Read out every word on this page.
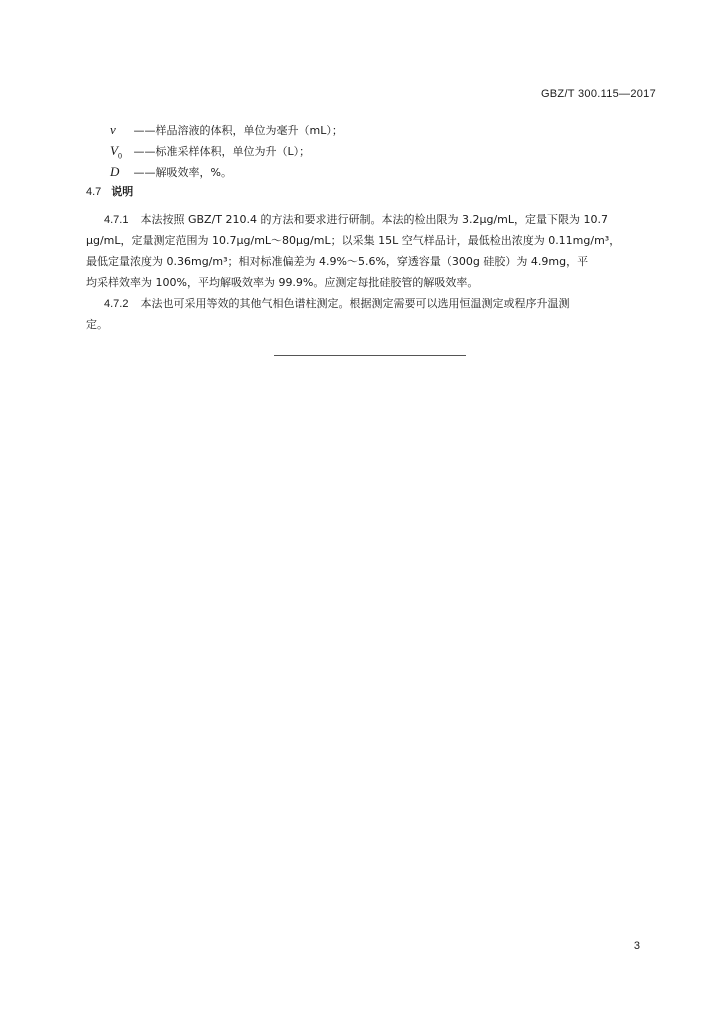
GBZ/T 300.115—2017
v ——样品溶液的体积，单位为毫升（mL）；
$V_0$ ——标准采样体积，单位为升（L）；
D ——解吸效率，%。
4.7 说明
4.7.1 本法按照 GBZ/T 210.4 的方法和要求进行研制。本法的检出限为 3.2μg/mL，定量下限为 10.7
μg/mL，定量测定范围为 10.7μg/mL～80μg/mL；以采集 15L 空气样品计，最低检出浓度为 0.11mg/m³，
最低定量浓度为 0.36mg/m³；相对标准偏差为 4.9%～5.6%，穿透容量（300g 硅胶）为 4.9mg，平
均采样效率为 100%，平均解吸效率为 99.9%。应测定每批硅胶管的解吸效率。
4.7.2 本法也可采用等效的其他气相色谱柱测定。根据测定需要可以选用恒温测定或程序升温测
定。
3
